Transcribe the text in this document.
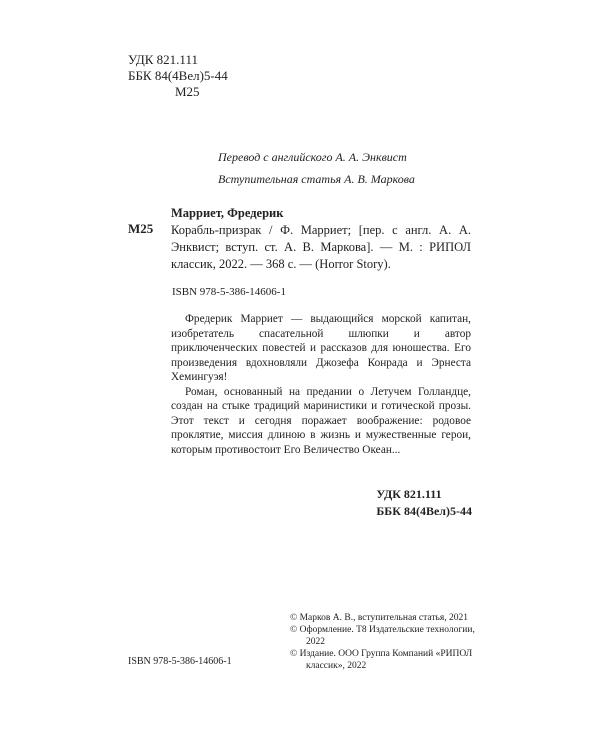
УДК 821.111
ББК 84(4Вел)5-44
М25
Перевод с английского А. А. Энквист
Вступительная статья А. В. Маркова
М25
Марриет, Фредерик
Корабль-призрак / Ф. Марриет; [пер. с англ. А. А. Энквист; вступ. ст. А. В. Маркова]. — М. : РИПОЛ классик, 2022. — 368 с. — (Horror Story).
ISBN 978-5-386-14606-1

Фредерик Марриет — выдающийся морской капитан, изобретатель спасательной шлюпки и автор приключенческих повестей и рассказов для юношества. Его произведения вдохновляли Джозефа Конрада и Эрнеста Хемингуэя!

Роман, основанный на предании о Летучем Голландце, создан на стыке традиций маринистики и готической прозы. Этот текст и сегодня поражает воображение: родовое проклятие, миссия длиною в жизнь и мужественные герои, которым противостоит Его Величество Океан...

УДК 821.111
ББК 84(4Вел)5-44
ISBN 978-5-386-14606-1
© Марков А. В., вступительная статья, 2021
© Оформление. Т8 Издательские технологии, 2022
© Издание. ООО Группа Компаний «РИПОЛ классик», 2022
